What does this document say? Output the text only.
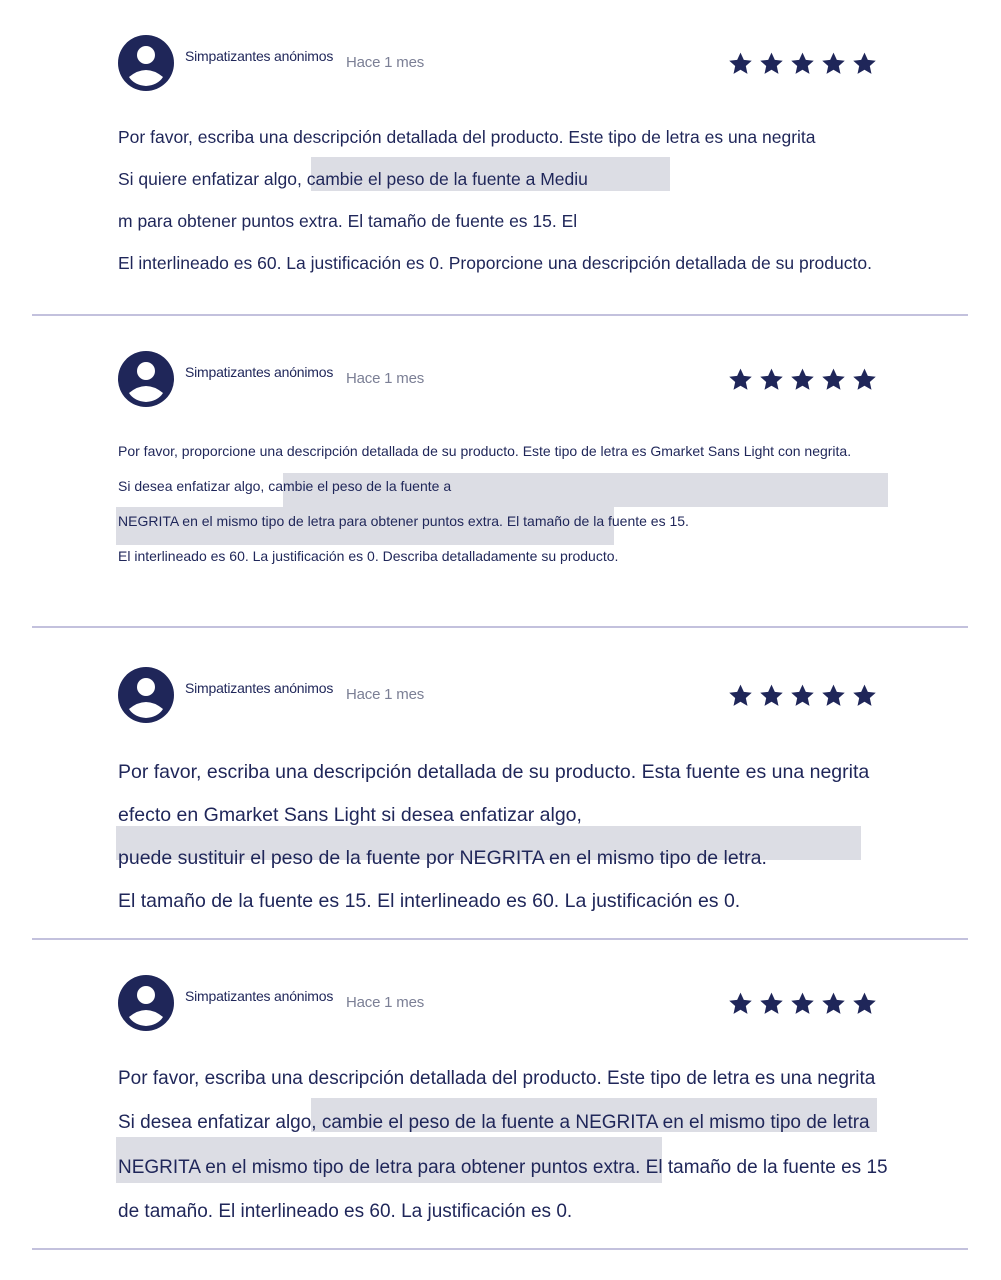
Simpatizantes anónimos Hace 1 mes
Por favor, escriba una descripción detallada del producto. Este tipo de letra es una negrita
Si quiere enfatizar algo, cambie el peso de la fuente a Mediu
m para obtener puntos extra. El tamaño de fuente es 15. El
El interlineado es 60. La justificación es 0. Proporcione una descripción detallada de su producto.
Simpatizantes anónimos Hace 1 mes
Por favor, proporcione una descripción detallada de su producto. Este tipo de letra es Gmarket Sans Light con negrita.
Si desea enfatizar algo, cambie el peso de la fuente a
NEGRITA en el mismo tipo de letra para obtener puntos extra. El tamaño de la fuente es 15.
El interlineado es 60. La justificación es 0. Describa detalladamente su producto.
Simpatizantes anónimos Hace 1 mes
Por favor, escriba una descripción detallada de su producto. Esta fuente es una negrita
efecto en Gmarket Sans Light si desea enfatizar algo,
puede sustituir el peso de la fuente por NEGRITA en el mismo tipo de letra.
El tamaño de la fuente es 15. El interlineado es 60. La justificación es 0.
Simpatizantes anónimos Hace 1 mes
Por favor, escriba una descripción detallada del producto. Este tipo de letra es una negrita
Si desea enfatizar algo, cambie el peso de la fuente a NEGRITA en el mismo tipo de letra
NEGRITA en el mismo tipo de letra para obtener puntos extra. El tamaño de la fuente es 15
de tamaño. El interlineado es 60. La justificación es 0.
